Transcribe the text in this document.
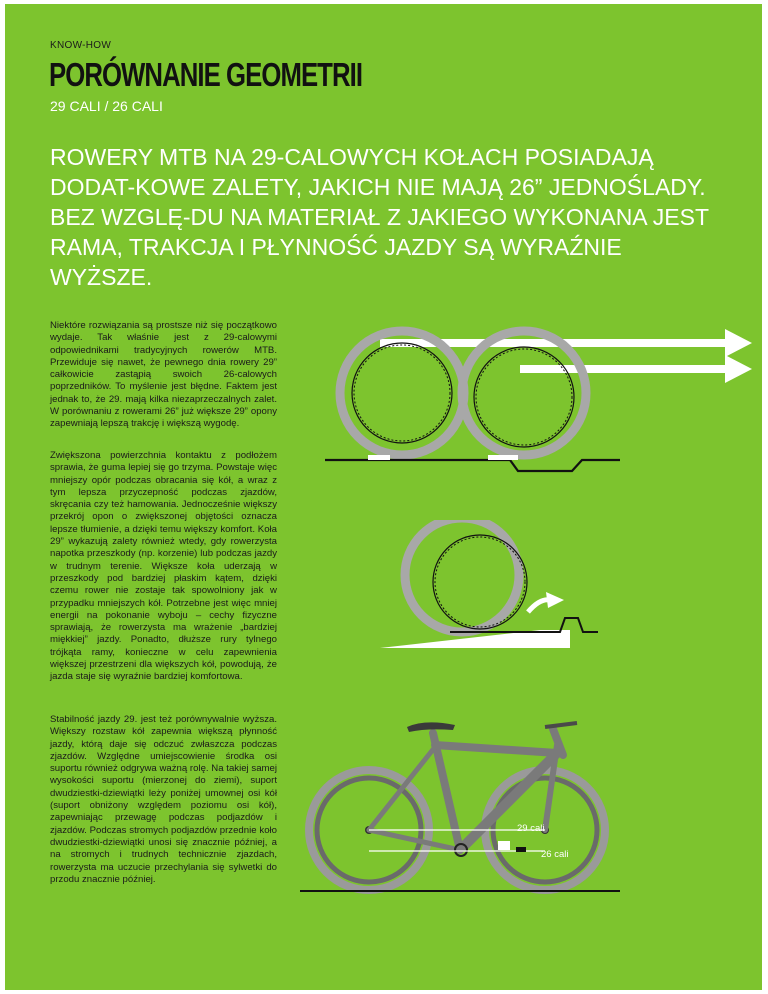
KNOW-HOW
PORÓWNANIE GEOMETRII
29 CALI / 26 CALI
ROWERY MTB NA 29-CALOWYCH KOŁACH POSIADAJĄ DODAT-KOWE ZALETY, JAKICH NIE MAJĄ 26” JEDNOŚLADY. BEZ WZGLĘ-DU NA MATERIAŁ Z JAKIEGO WYKONANA JEST RAMA, TRAKCJA I PŁYNNOŚĆ JAZDY SĄ WYRAŹNIE WYŻSZE.

Niektóre rozwiązania są prostsze niż się początkowo wydaje. Tak właśnie jest z 29-calowymi odpowiednikami tradycyjnych rowerów MTB. Przewiduje się nawet, że pewnego dnia rowery 29” całkowicie zastąpią swoich 26-calowych poprzedników. To myślenie jest błędne. Faktem jest jednak to, że 29. mają kilka niezaprzeczalnych zalet. W porównaniu z rowerami 26” już większe 29” opony zapewniają lepszą trakcję i większą wygodę.

Zwiększona powierzchnia kontaktu z podłożem sprawia, że guma lepiej się go trzyma. Powstaje więc mniejszy opór podczas obracania się kół, a wraz z tym lepsza przyczepność podczas zjazdów, skręcania czy też hamowania. Jednocześnie większy przekrój opon o zwiększonej objętości oznacza lepsze tłumienie, a dzięki temu większy komfort. Koła 29” wykazują zalety również wtedy, gdy rowerzysta napotka przeszkody (np. korzenie) lub podczas jazdy w trudnym terenie. Większe koła uderzają w przeszkody pod bardziej płaskim kątem, dzięki czemu rower nie zostaje tak spowolniony jak w przypadku mniejszych kół. Potrzebne jest więc mniej energii na pokonanie wyboju – cechy fizyczne sprawiają, że rowerzysta ma wrażenie „bardziej miękkiej” jazdy. Ponadto, dłuższe rury tylnego trójkąta ramy, konieczne w celu zapewnienia większej przestrzeni dla większych kół, powodują, że jazda staje się wyraźnie bardziej komfortowa.

Stabilność jazdy 29. jest też porównywalnie wyższa. Większy rozstaw kół zapewnia większą płynność jazdy, którą daje się odczuć zwłaszcza podczas zjazdów. Względne umiejscowienie środka osi suportu również odgrywa ważną rolę. Na takiej samej wysokości suportu (mierzonej do ziemi), suport dwudziestki-dziewiątki leży poniżej umownej osi kół (suport obniżony względem poziomu osi kół), zapewniając przewagę podczas podjazdów i zjazdów. Podczas stromych podjazdów przednie koło dwudziestki-dziewiątki unosi się znacznie później, a na stromych i trudnych technicznie zjazdach, rowerzysta ma uczucie przechylania się sylwetki do przodu znacznie później.

29 cali
26 cali
